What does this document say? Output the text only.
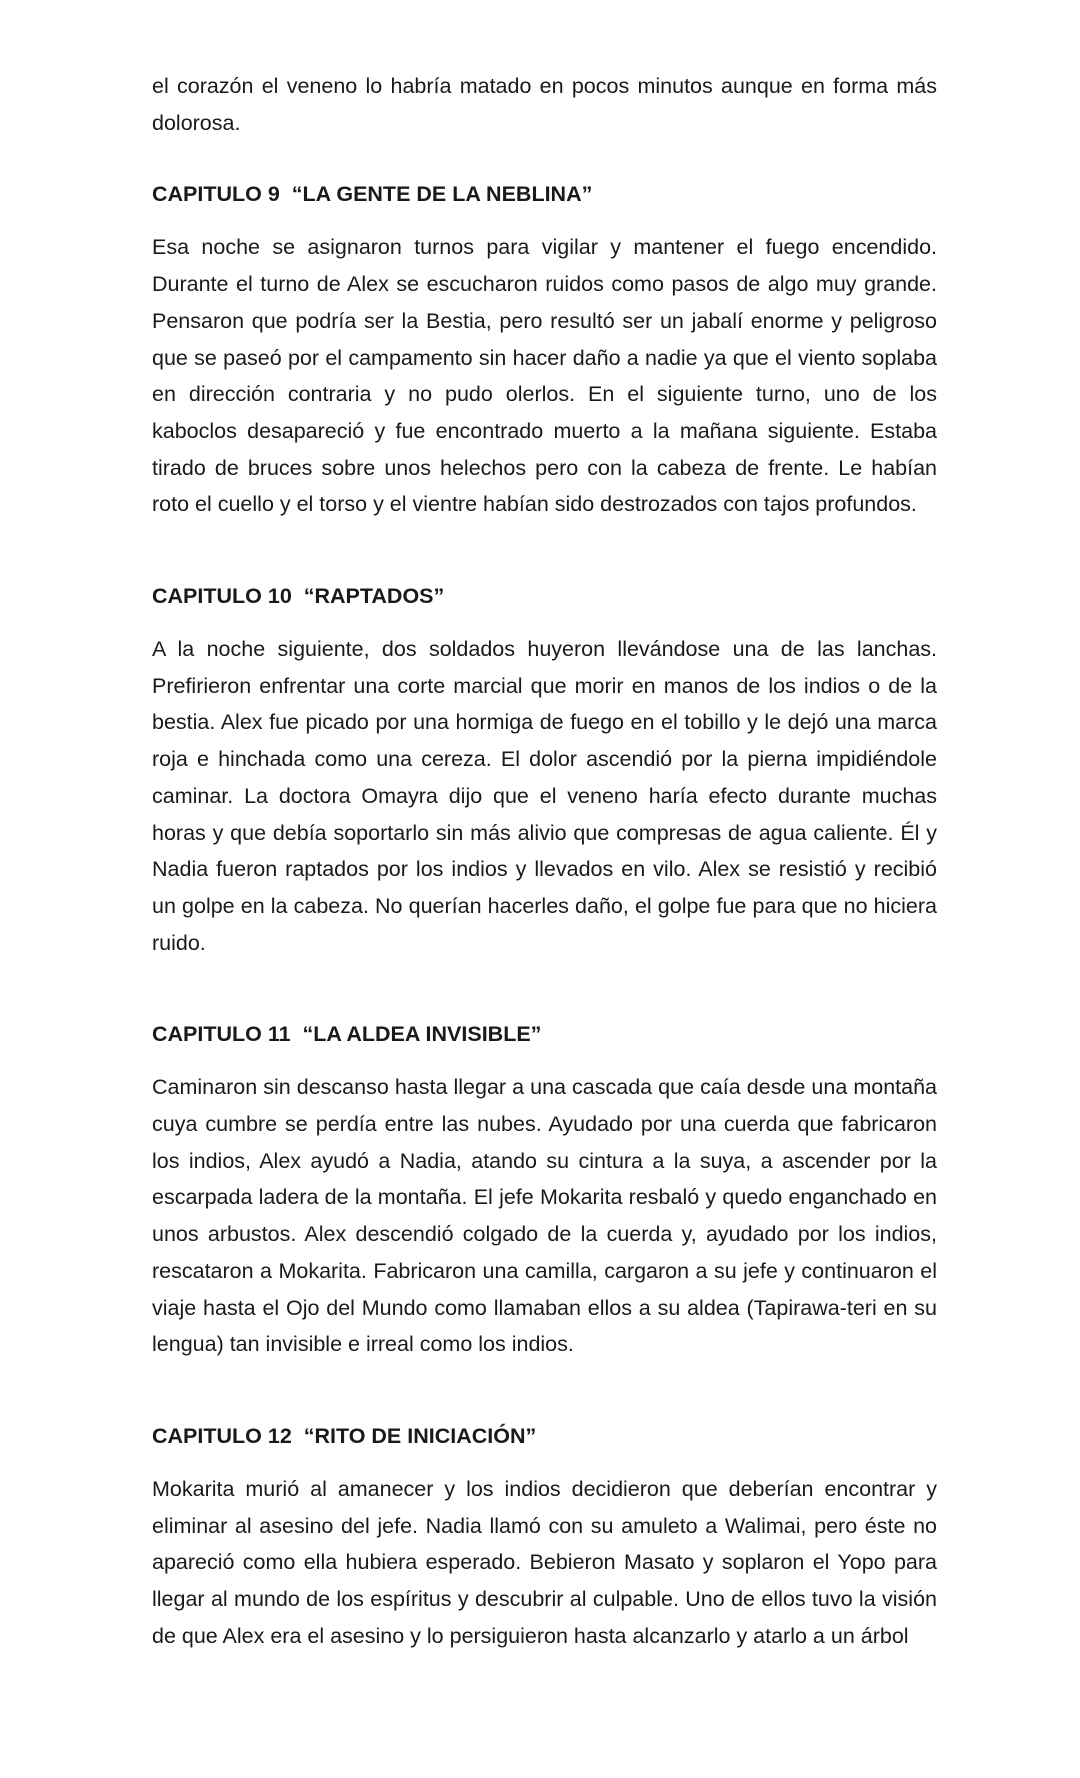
el corazón el veneno lo habría matado en pocos minutos aunque en forma más dolorosa.

CAPITULO 9  “LA GENTE DE LA NEBLINA”

Esa noche se asignaron turnos para vigilar y mantener el fuego encendido. Durante el turno de Alex se escucharon ruidos como pasos de algo muy grande. Pensaron que podría ser la Bestia, pero resultó ser un jabalí enorme y peligroso que se paseó por el campamento sin hacer daño a nadie ya que el viento soplaba en dirección contraria y no pudo olerlos. En el siguiente turno, uno de los kaboclos desapareció y fue encontrado muerto a la mañana siguiente. Estaba tirado de bruces sobre unos helechos pero con la cabeza de frente. Le habían roto el cuello y el torso y el vientre habían sido destrozados con tajos profundos.

CAPITULO 10  “RAPTADOS”

A la noche siguiente, dos soldados huyeron llevándose una de las lanchas. Prefirieron enfrentar una corte marcial que morir en manos de los indios o de la bestia. Alex fue picado por una hormiga de fuego en el tobillo y le dejó una marca roja e hinchada como una cereza. El dolor ascendió por la pierna impidiéndole caminar. La doctora Omayra dijo que el veneno haría efecto durante muchas horas y que debía soportarlo sin más alivio que compresas de agua caliente. Él y Nadia fueron raptados por los indios y llevados en vilo. Alex se resistió y recibió un golpe en la cabeza. No querían hacerles daño, el golpe fue para que no hiciera ruido.

CAPITULO 11  “LA ALDEA INVISIBLE”

Caminaron sin descanso hasta llegar a una cascada que caía desde una montaña cuya cumbre se perdía entre las nubes. Ayudado por una cuerda que fabricaron los indios, Alex ayudó a Nadia, atando su cintura a la suya, a ascender por la escarpada ladera de la montaña. El jefe Mokarita resbaló y quedo enganchado en unos arbustos. Alex descendió colgado de la cuerda y, ayudado por los indios, rescataron a Mokarita. Fabricaron una camilla, cargaron a su jefe y continuaron el viaje hasta el Ojo del Mundo como llamaban ellos a su aldea (Tapirawa-teri en su lengua) tan invisible e irreal como los indios.

CAPITULO 12  “RITO DE INICIACIÓN”

Mokarita murió al amanecer y los indios decidieron que deberían encontrar y eliminar al asesino del jefe. Nadia llamó con su amuleto a Walimai, pero éste no apareció como ella hubiera esperado. Bebieron Masato y soplaron el Yopo para llegar al mundo de los espíritus y descubrir al culpable. Uno de ellos tuvo la visión de que Alex era el asesino y lo persiguieron hasta alcanzarlo y atarlo a un árbol
